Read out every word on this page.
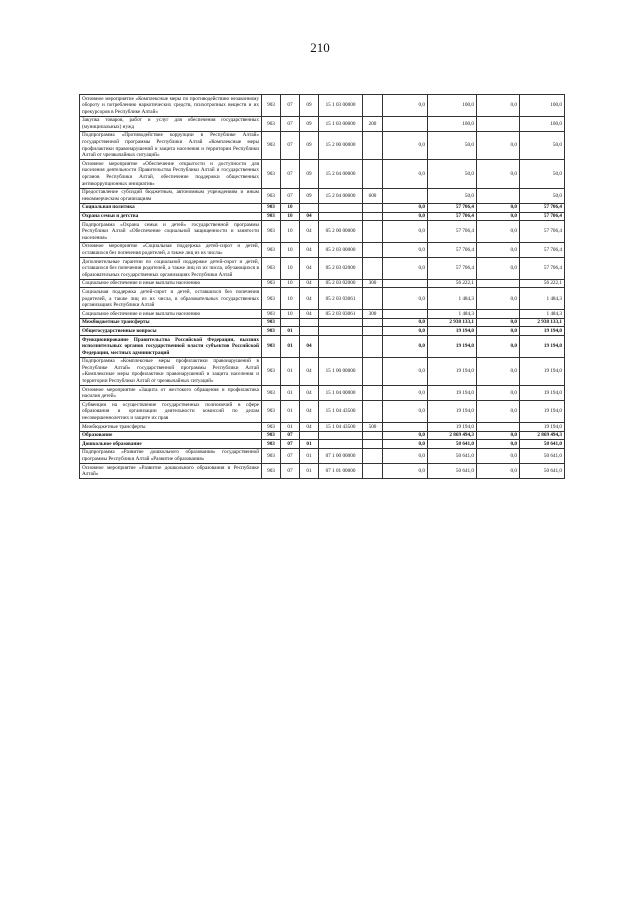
210
Основное мероприятие «Комплексные меры по противодействию незаконному обороту и потреблению наркотических средств, психотропных веществ и их прекурсоров в Республике Алтай»	903	07	09	15 1 03 00000		0,0	100,0	0,0	100,0
Закупка товаров, работ и услуг для обеспечения государственных (муниципальных) нужд	903	07	09	15 1 03 00000	200		100,0		100,0
Подпрограмма «Противодействие коррупции в Республике Алтай» государственной программы Республики Алтай «Комплексные меры профилактики правонарушений и защита населения и территории Республики Алтай от чрезвычайных ситуаций»	903	07	09	15 2 00 00000		0,0	50,0	0,0	50,0
Основное мероприятие «Обеспечение открытости и доступности для населения деятельности Правительства Республики Алтай и государственных органов Республики Алтай, обеспечение поддержки общественных антикоррупционных инициатив»	903	07	09	15 2 04 00000		0,0	50,0	0,0	50,0
Предоставление субсидий бюджетным, автономным учреждениям и иным некоммерческим организациям	903	07	09	15 2 04 00000	600		50,0		50,0
Социальная политика	903	10				0,0	57 706,4	0,0	57 706,4
Охрана семьи и детства	903	10	04			0,0	57 706,4	0,0	57 706,4
Подпрограмма «Охрана семьи и детей» государственной программы Республики Алтай «Обеспечение социальной защищенности и занятости населения»	903	10	04	05 2 00 00000		0,0	57 706,4	0,0	57 706,4
Основное мероприятие «Социальная поддержка детей-сирот и детей, оставшихся без попечения родителей, а также лиц из их числа»	903	10	04	05 2 03 00000		0,0	57 706,4	0,0	57 706,4
Дополнительные гарантии по социальной поддержке детей-сирот и детей, оставшихся без попечения родителей, а также лиц из их числа, обучающихся в образовательных государственных организациях Республики Алтай	903	10	04	05 2 03 02000		0,0	57 706,4	0,0	57 706,4
Социальное обеспечение и иные выплаты населению	903	10	04	05 2 03 02000	300		56 222,1		56 222,1
Социальная поддержка детей-сирот и детей, оставшихся без попечения родителей, а также лиц из их числа, в образовательных государственных организациях Республики Алтай	903	10	04	05 2 03 03061		0,0	1 484,3	0,0	1 484,3
Социальное обеспечение и иные выплаты населению	903	10	04	05 2 03 03061	300		1 484,3		1 484,3
Межбюджетные трансферты	903					0,0	2 938 133,1	0,0	2 938 133,1
Общегосударственные вопросы	903	01				0,0	19 194,0	0,0	19 194,0
Функционирование Правительства Российской Федерации, высших исполнительных органов государственной власти субъектов Российской Федерации, местных администраций	903	01	04			0,0	19 194,0	0,0	19 194,0
Подпрограмма «Комплексные меры профилактики правонарушений в Республике Алтай» государственной программы Республики Алтай «Комплексные меры профилактики правонарушений и защита населения и территории Республики Алтай от чрезвычайных ситуаций»	903	01	04	15 1 00 00000		0,0	19 194,0	0,0	19 194,0
Основное мероприятие «Защита от жестокого обращения и профилактика насилия детей»	903	01	04	15 1 04 00000		0,0	19 194,0	0,0	19 194,0
Субвенции на осуществление государственных полномочий в сфере образования и организации деятельности комиссий по делам несовершеннолетних и защите их прав	903	01	04	15 1 04 43500		0,0	19 194,0	0,0	19 194,0
Межбюджетные трансферты	903	01	04	15 1 04 43500	500		19 194,0		19 194,0
Образование	903	07				0,0	2 869 494,3	0,0	2 869 494,3
Дошкольное образование	903	07	01			0,0	50 641,0	0,0	50 641,0
Подпрограмма «Развитие дошкольного образования» государственной программы Республики Алтай «Развитие образования»	903	07	01	07 1 00 00000		0,0	50 641,0	0,0	50 641,0
Основное мероприятие «Развитие дошкольного образования в Республике Алтай»	903	07	01	07 1 01 00000		0,0	50 641,0	0,0	50 641,0
